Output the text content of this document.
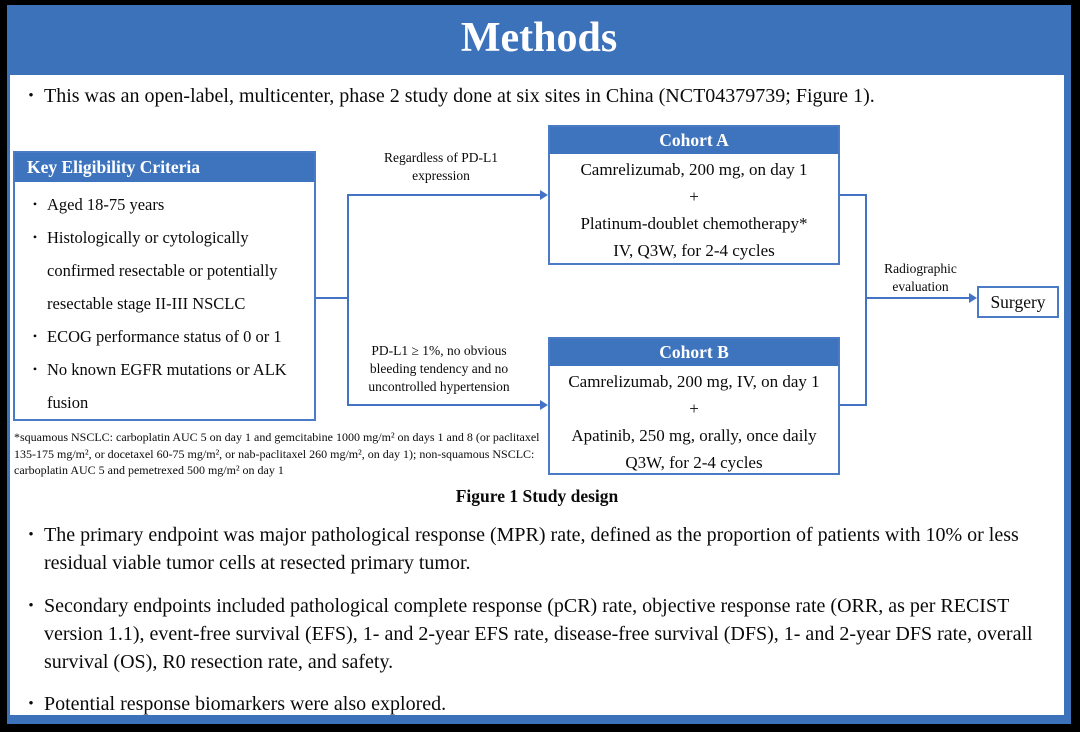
Methods
•
This was an open-label, multicenter, phase 2 study done at six sites in China (NCT04379739; Figure 1).
Key Eligibility Criteria
•
Aged 18-75 years
•
Histologically or cytologically confirmed resectable or potentially resectable stage II-III NSCLC
•
ECOG performance status of 0 or 1
•
No known EGFR mutations or ALK fusion
Regardless of PD-L1
expression
PD-L1 ≥ 1%, no obvious
bleeding tendency and no
uncontrolled hypertension
Cohort A
Camrelizumab, 200 mg, on day 1
+
Platinum-doublet chemotherapy*
IV, Q3W, for 2-4 cycles
Cohort B
Camrelizumab, 200 mg, IV, on day 1
+
Apatinib, 250 mg, orally, once daily
Q3W, for 2-4 cycles
Radiographic
evaluation
Surgery
*squamous NSCLC: carboplatin AUC 5 on day 1 and gemcitabine 1000 mg/m² on days 1 and 8 (or paclitaxel 135-175 mg/m², or docetaxel 60-75 mg/m², or nab-paclitaxel 260 mg/m², on day 1); non-squamous NSCLC: carboplatin AUC 5 and pemetrexed 500 mg/m² on day 1
Figure 1 Study design
•
The primary endpoint was major pathological response (MPR) rate, defined as the proportion of patients with 10% or less residual viable tumor cells at resected primary tumor.
•
Secondary endpoints included pathological complete response (pCR) rate, objective response rate (ORR, as per RECIST version 1.1), event-free survival (EFS), 1- and 2-year EFS rate, disease-free survival (DFS), 1- and 2-year DFS rate, overall survival (OS), R0 resection rate, and safety.
•
Potential response biomarkers were also explored.
